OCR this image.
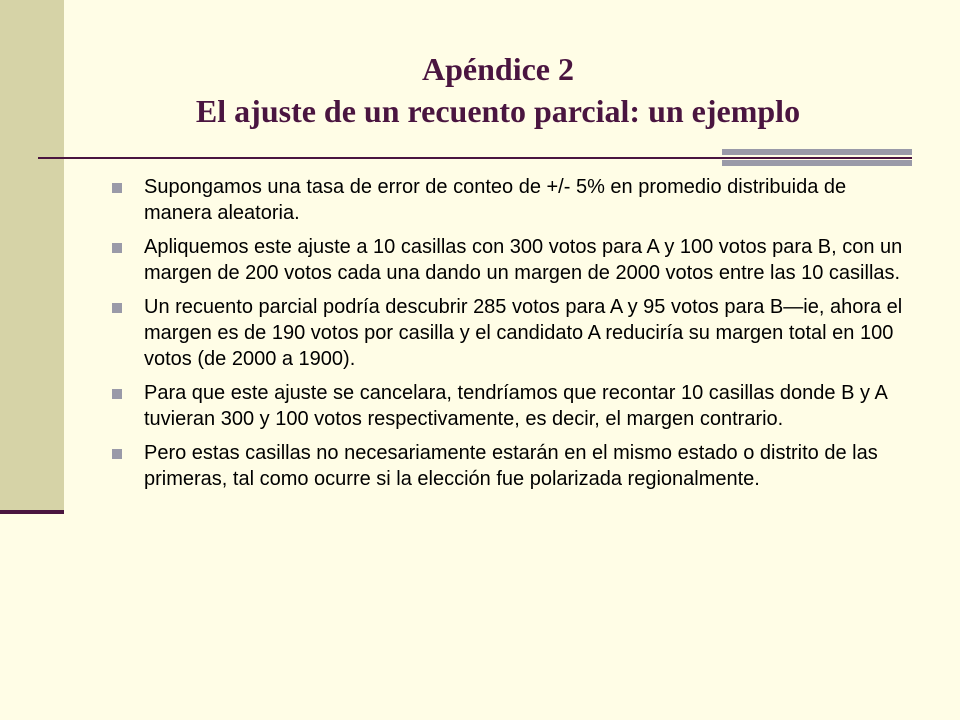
Apéndice 2
El ajuste de un recuento parcial: un ejemplo
Supongamos una tasa de error de conteo de +/- 5% en promedio distribuida de manera aleatoria.
Apliquemos este ajuste a 10 casillas con 300 votos para A y 100 votos para B, con un margen de 200 votos cada una dando un margen de 2000 votos entre las 10 casillas.
Un recuento parcial podría descubrir 285 votos para A y 95 votos para B—ie, ahora el margen es de 190 votos por casilla y el candidato A reduciría su margen total en 100 votos (de 2000 a 1900).
Para que este ajuste se cancelara, tendríamos que recontar 10 casillas donde B y A tuvieran 300 y 100 votos respectivamente, es decir, el margen contrario.
Pero estas casillas no necesariamente estarán en el mismo estado o distrito de las primeras, tal como ocurre si la elección fue polarizada regionalmente.
